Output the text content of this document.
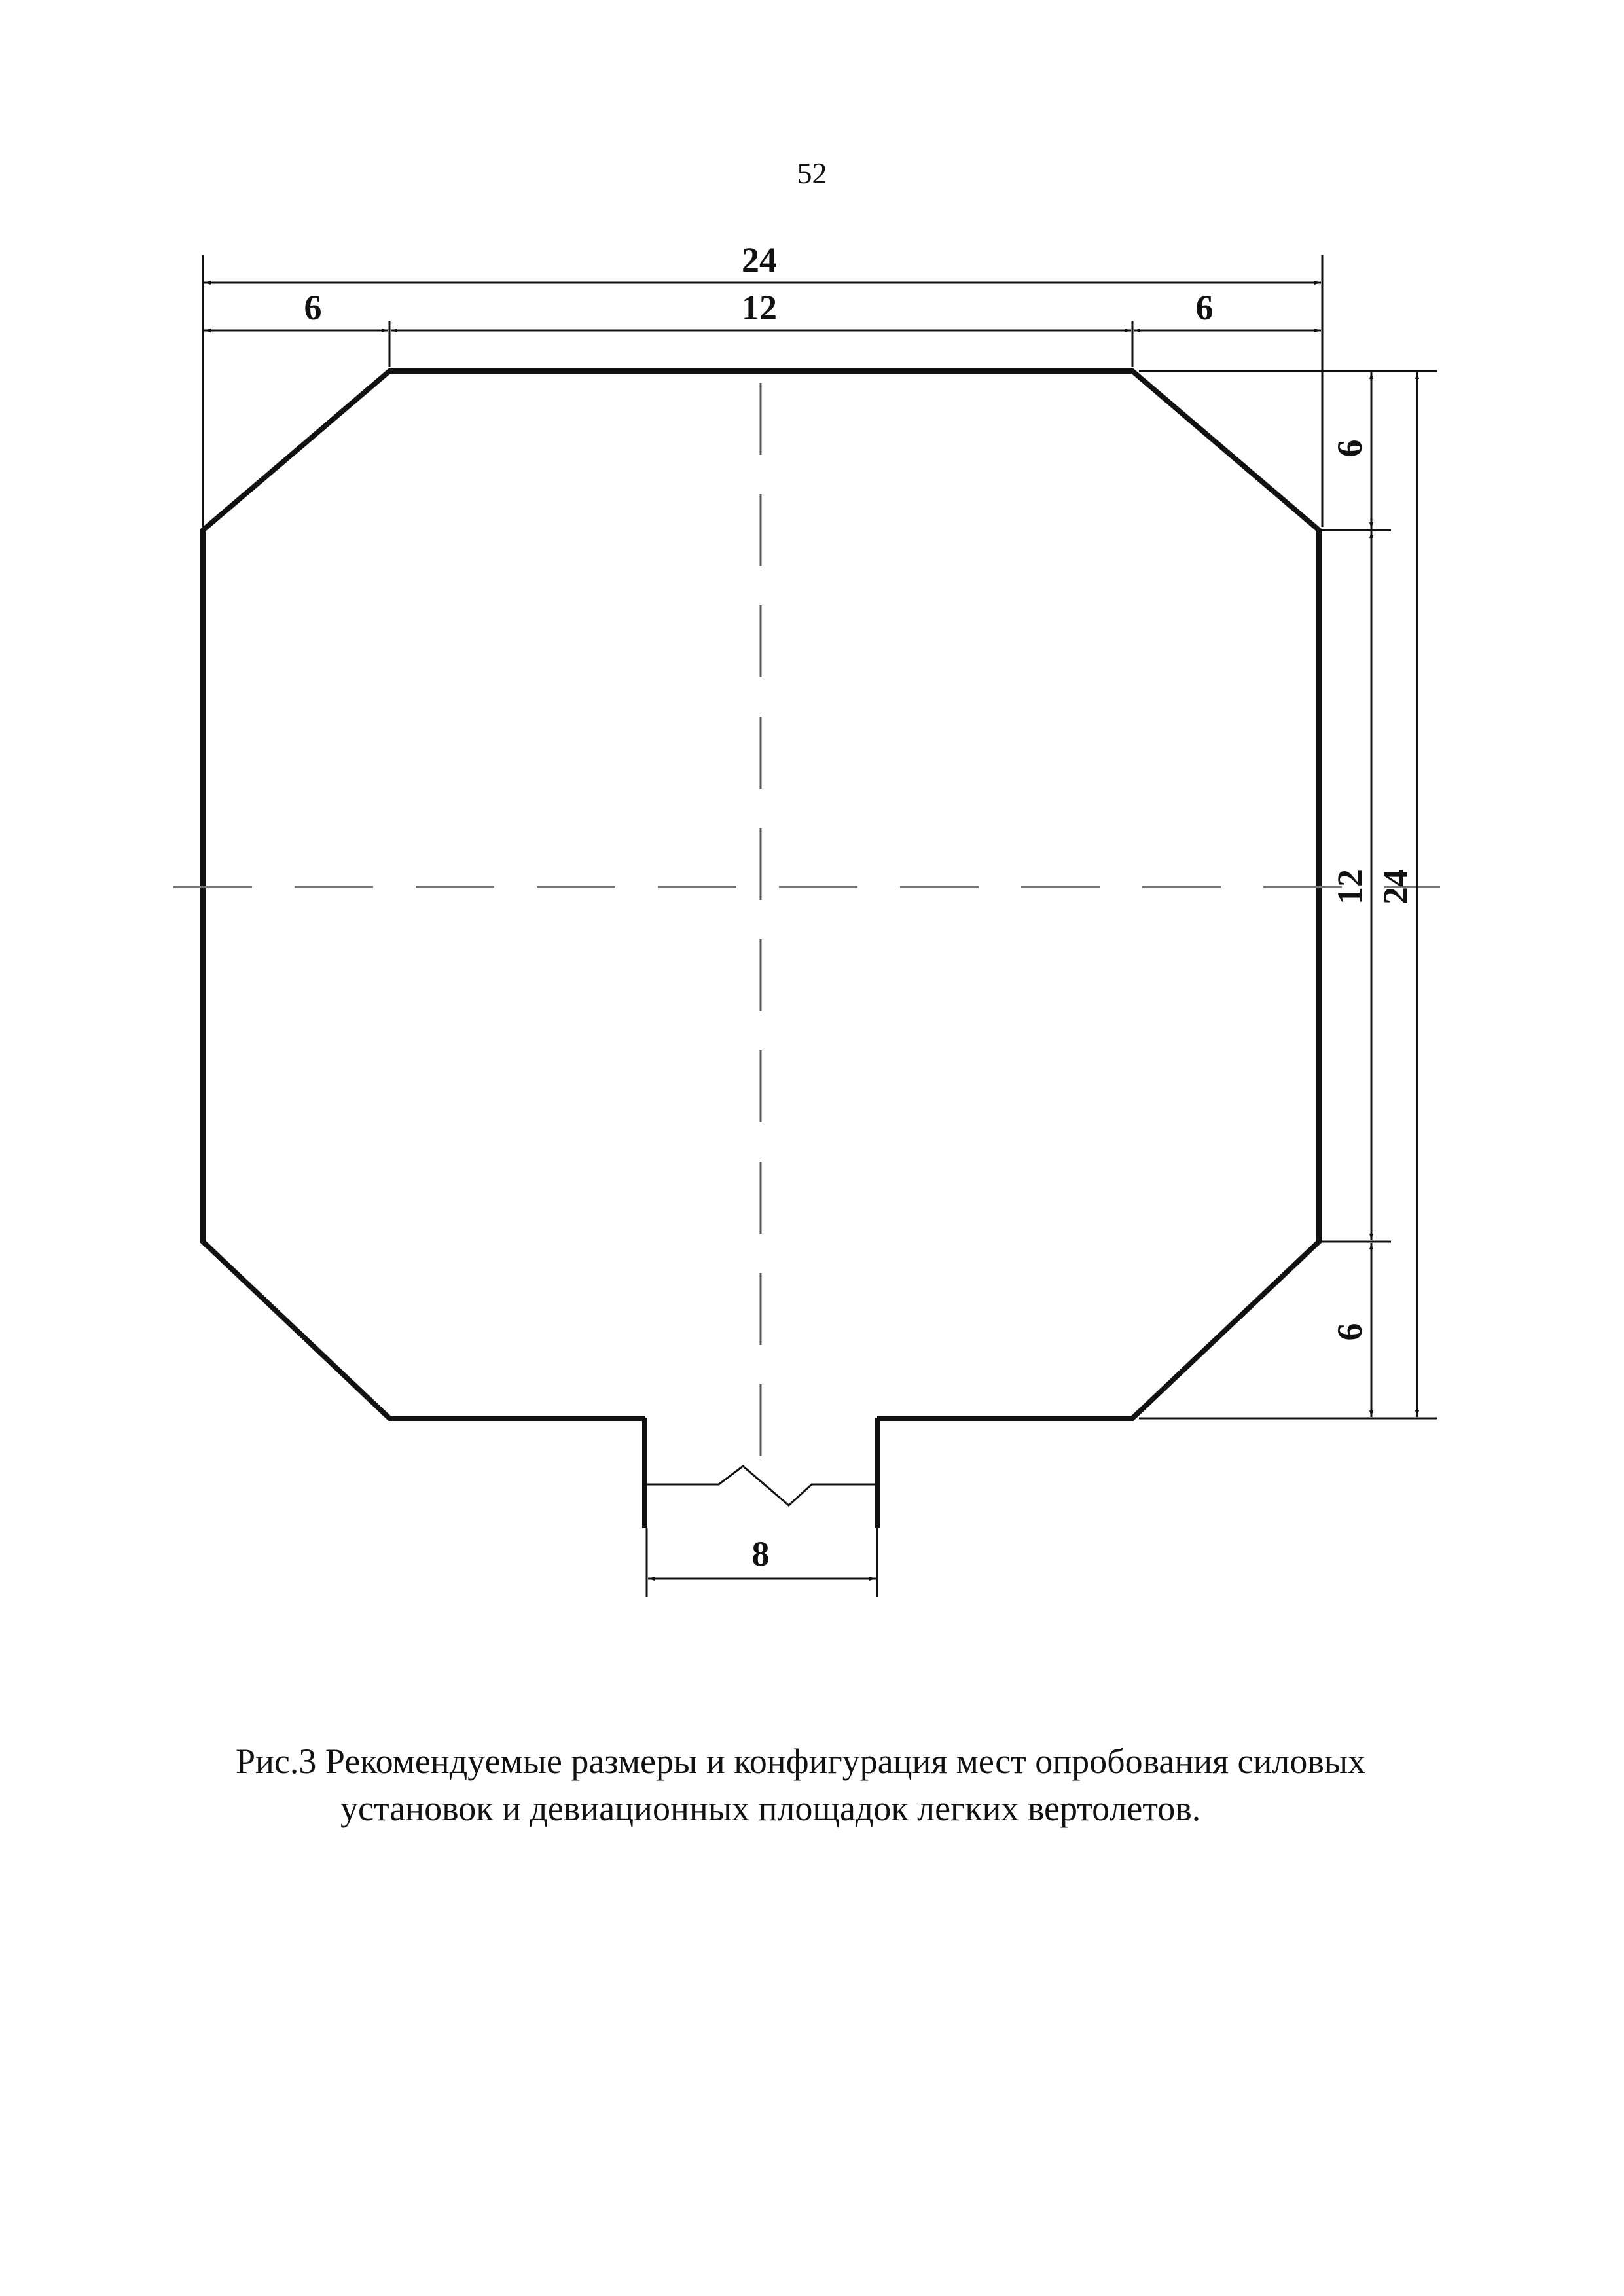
52
24
6	12	6
6
12
6
24
8
Рис.3 Рекомендуемые размеры и конфигурация мест опробования силовых
установок и девиационных площадок легких вертолетов.
